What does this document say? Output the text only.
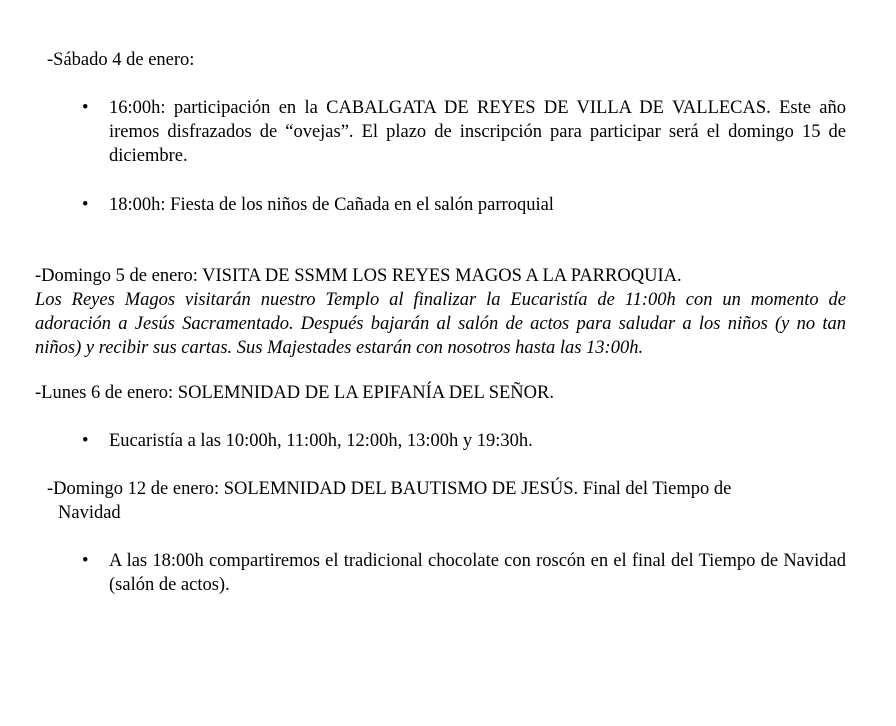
-Sábado 4 de enero:

• 16:00h: participación en la CABALGATA DE REYES DE VILLA DE VALLECAS. Este año iremos disfrazados de “ovejas”. El plazo de inscripción para participar será el domingo 15 de diciembre.

• 18:00h: Fiesta de los niños de Cañada en el salón parroquial

-Domingo 5 de enero: VISITA DE SSMM LOS REYES MAGOS A LA PARROQUIA.

Los Reyes Magos visitarán nuestro Templo al finalizar la Eucaristía de 11:00h con un momento de adoración a Jesús Sacramentado. Después bajarán al salón de actos para saludar a los niños (y no tan niños) y recibir sus cartas. Sus Majestades estarán con nosotros hasta las 13:00h.

-Lunes 6 de enero: SOLEMNIDAD DE LA EPIFANÍA DEL SEÑOR.

• Eucaristía a las 10:00h, 11:00h, 12:00h, 13:00h y 19:30h.

-Domingo 12 de enero: SOLEMNIDAD DEL BAUTISMO DE JESÚS. Final del Tiempo de
Navidad

• A las 18:00h compartiremos el tradicional chocolate con roscón en el final del Tiempo de Navidad (salón de actos).
